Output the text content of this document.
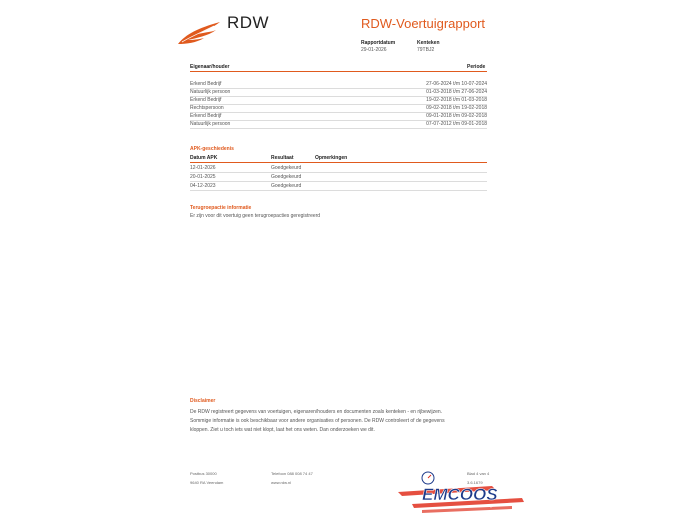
RDW	RDW-Voertuigrapport
Rapportdatum
29-01-2026
Kenteken
79TBJ2
Eigenaar/houder	Periode
Erkend Bedrijf	27-06-2024 t/m 10-07-2024
Natuurlijk persoon	01-03-2018 t/m 27-06-2024
Erkend Bedrijf	19-02-2018 t/m 01-03-2018
Rechtspersoon	09-02-2018 t/m 19-02-2018
Erkend Bedrijf	09-01-2018 t/m 09-02-2018
Natuurlijk persoon	07-07-2012 t/m 09-01-2018
APK-geschiedenis
Datum APK	Resultaat	Opmerkingen
12-01-2026	Goedgekeurd
20-01-2025	Goedgekeurd
04-12-2023	Goedgekeurd
Terugroepactie informatie
Er zijn voor dit voertuig geen terugroepacties geregistreerd
Disclaimer
De RDW registreert gegevens van voertuigen, eigenaren/houders en documenten zoals kenteken - en rijbewijzen.
Sommige informatie is ook beschikbaar voor andere organisaties of personen. De RDW controleert of de gegevens
kloppen. Ziet u toch iets wat niet klopt, laat het ons weten. Dan onderzoeken we dit.
Postbus 30000
9640 RA Veendam
Telefoon 088 008 74 47
www.rdw.nl
Blad 4 van 4
3.6.1679
EMCOOS
autobedrijf
